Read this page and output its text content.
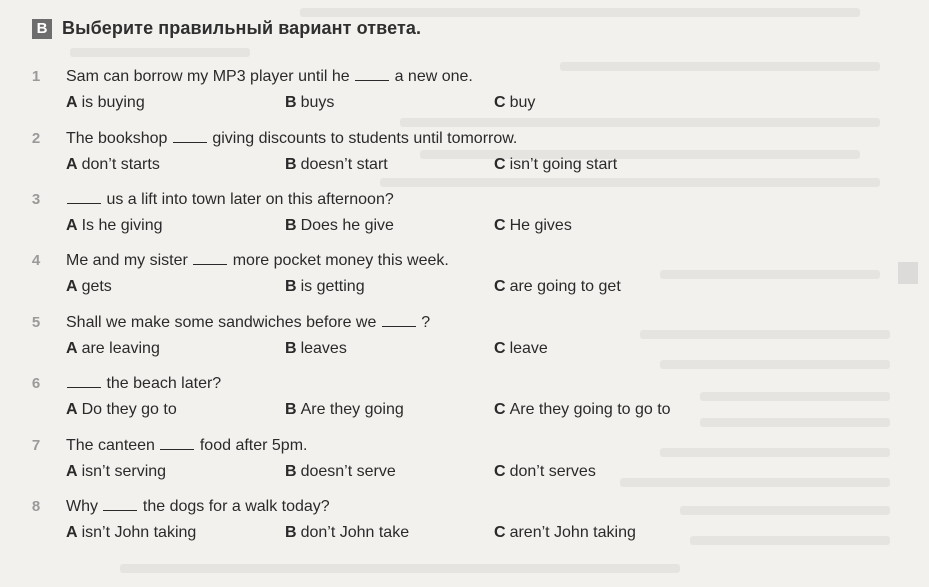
B Выберите правильный вариант ответа.
1 Sam can borrow my MP3 player until he	a new one.
A is buying	B buys	C buy
2 The bookshop	giving discounts to students until tomorrow.
A don’t starts	B doesn’t start	C isn’t going start
3	us a lift into town later on this afternoon?
A Is he giving	B Does he give	C He gives
4 Me and my sister	more pocket money this week.
A gets	B is getting	C are going to get
5 Shall we make some sandwiches before we	?
A are leaving	B leaves	C leave
6	the beach later?
A Do they go to	B Are they going	C Are they going to go to
7 The canteen	food after 5pm.
A isn’t serving	B doesn’t serve	C don’t serves
8 Why	the dogs for a walk today?
A isn’t John taking	B don’t John take	C aren’t John taking
